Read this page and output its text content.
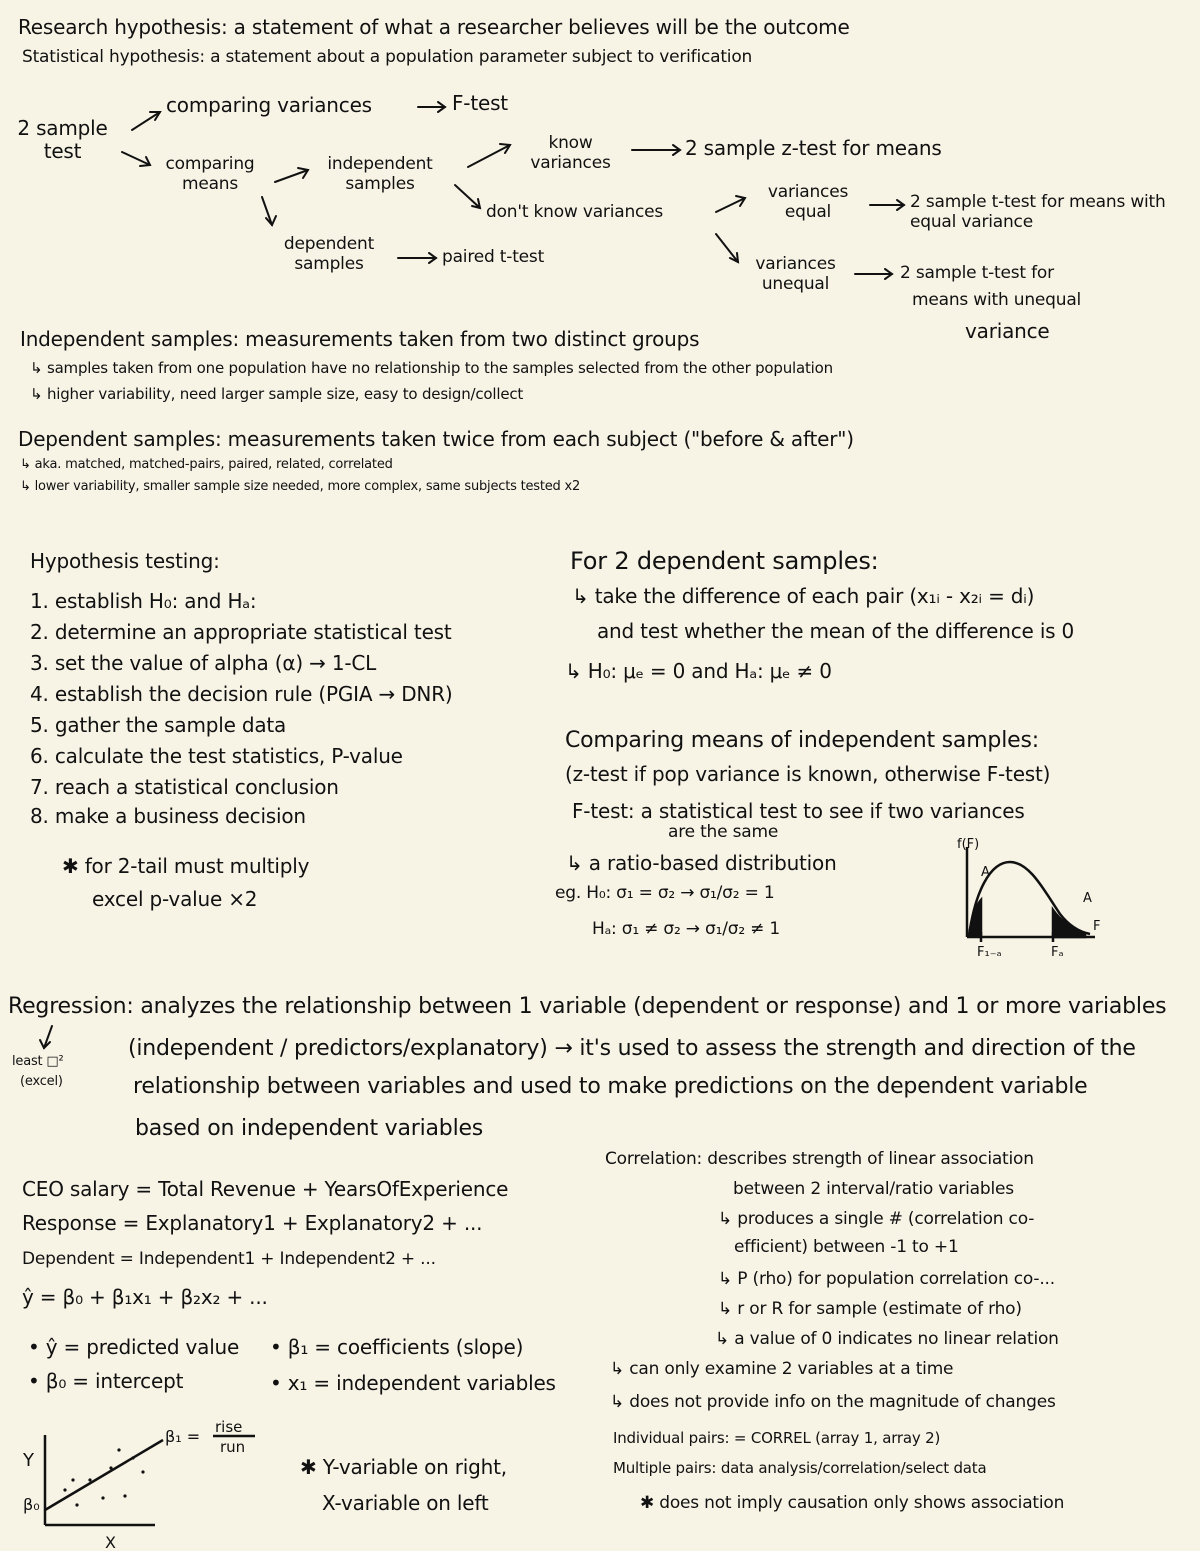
Research hypothesis: a statement of what a researcher believes will be the outcome
Statistical hypothesis: a statement about a population parameter subject to verification
2 sample test
comparing variances	F-test
comparing means
independent samples
dependent samples	paired t-test
know variances
2 sample z-test for means
don't know variances
variances equal	2 sample t-test for means with equal variance
variances unequal
2 sample t-test for
means with unequal
variance
Independent samples: measurements taken from two distinct groups
↳ samples taken from one population have no relationship to the samples selected from the other population
↳ higher variability, need larger sample size, easy to design/collect
Dependent samples: measurements taken twice from each subject ("before & after")
↳ aka. matched, matched-pairs, paired, related, correlated
↳ lower variability, smaller sample size needed, more complex, same subjects tested x2
Hypothesis testing:
1. establish H₀: and Hₐ:
2. determine an appropriate statistical test
3. set the value of alpha (α) → 1-CL
4. establish the decision rule (PGIA → DNR)
5. gather the sample data
6. calculate the test statistics, P-value
7. reach a statistical conclusion
8. make a business decision
✱ for 2-tail must multiply
excel p-value ×2
For 2 dependent samples:
↳ take the difference of each pair (x₁ᵢ - x₂ᵢ = dᵢ)
and test whether the mean of the difference is 0
↳ H₀: μₑ = 0 and Hₐ: μₑ ≠ 0
Comparing means of independent samples:
(z-test if pop variance is known, otherwise F-test)
F-test: a statistical test to see if two variances
are the same
↳ a ratio-based distribution
eg. H₀: σ₁ = σ₂ → σ₁/σ₂ = 1
Hₐ: σ₁ ≠ σ₂ → σ₁/σ₂ ≠ 1
f(F)
F
F₁₋ₐ	Fₐ
A
A
Regression: analyzes the relationship between 1 variable (dependent or response) and 1 or more variables
(independent / predictors/explanatory) → it's used to assess the strength and direction of the
relationship between variables and used to make predictions on the dependent variable
based on independent variables
least □²
(excel)
CEO salary = Total Revenue + YearsOfExperience
Response = Explanatory1 + Explanatory2 + ...
Dependent = Independent1 + Independent2 + ...
ŷ = β₀ + β₁x₁ + β₂x₂ + ...
• ŷ = predicted value
• β₀ = intercept
• β₁ = coefficients (slope)
• x₁ = independent variables
Y
β₀
X
β₁ = rise
run
✱ Y-variable on right,
X-variable on left
Correlation: describes strength of linear association
between 2 interval/ratio variables
↳ produces a single # (correlation co-
efficient) between -1 to +1
↳ P (rho) for population correlation co-...
↳ r or R for sample (estimate of rho)
↳ a value of 0 indicates no linear relation
↳ can only examine 2 variables at a time
↳ does not provide info on the magnitude of changes
Individual pairs: = CORREL (array 1, array 2)
Multiple pairs: data analysis/correlation/select data
✱ does not imply causation only shows association
